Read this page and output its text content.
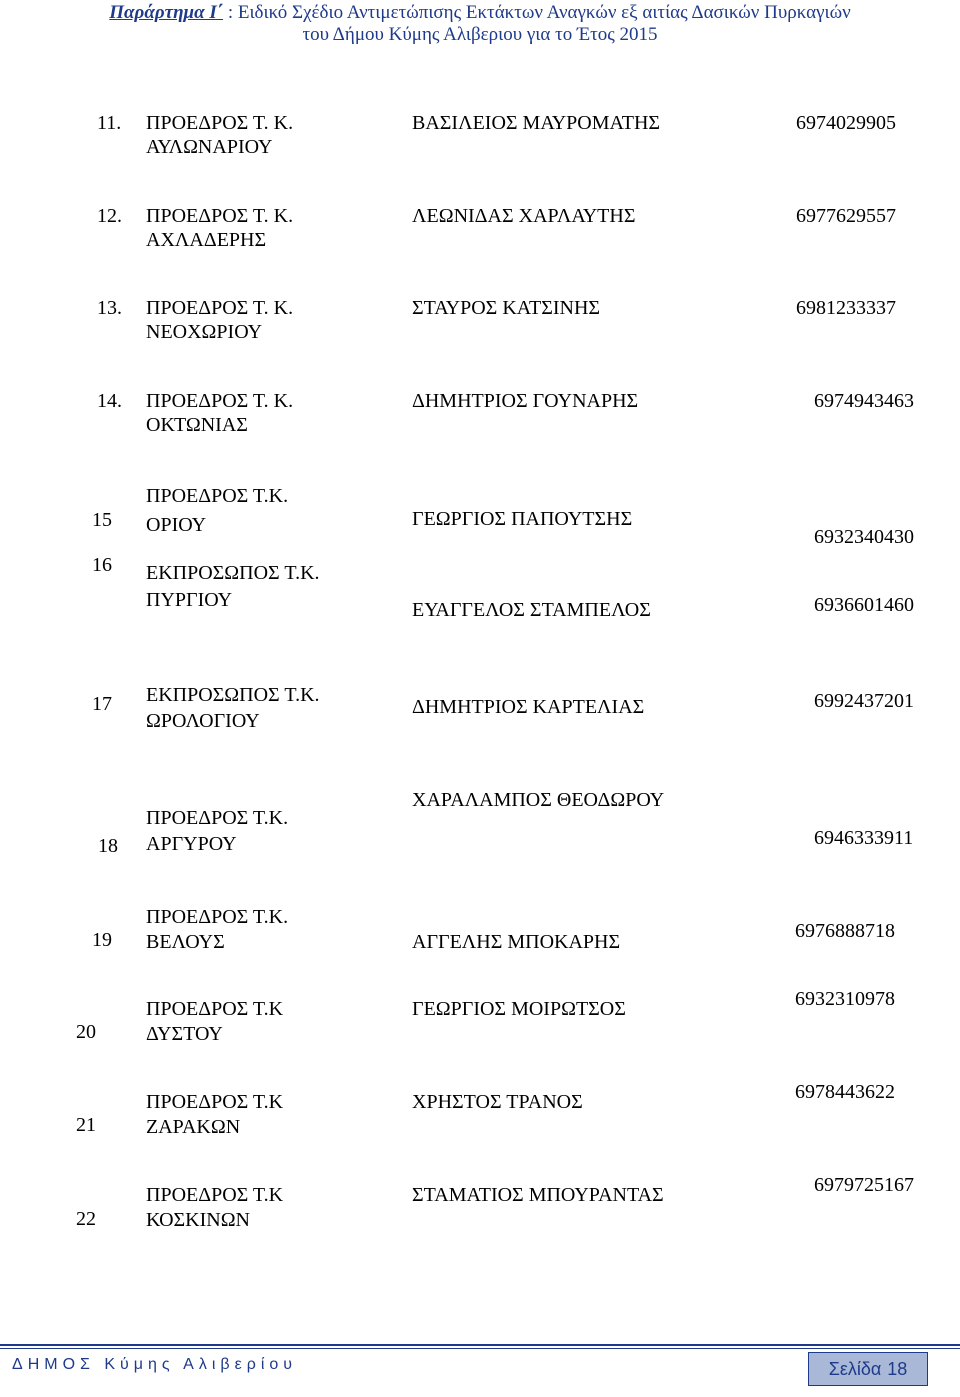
Παράρτημα Ι΄ : Ειδικό Σχέδιο Αντιμετώπισης Εκτάκτων Αναγκών εξ αιτίας Δασικών Πυρκαγιών
του Δήμου Κύμης Αλιβεριου για το Έτος 2015
11. ΠΡΟΕΔΡΟΣ Τ. Κ.
ΑΥΛΩΝΑΡΙΟΥ
ΒΑΣΙΛΕΙΟΣ ΜΑΥΡΟΜΑΤΗΣ	6974029905
12. ΠΡΟΕΔΡΟΣ Τ. Κ.
ΑΧΛΑΔΕΡΗΣ
ΛΕΩΝΙΔΑΣ ΧΑΡΛΑΥΤΗΣ	6977629557
13. ΠΡΟΕΔΡΟΣ Τ. Κ.
ΝΕΟΧΩΡΙΟΥ
ΣΤΑΥΡΟΣ ΚΑΤΣΙΝΗΣ	6981233337
14. ΠΡΟΕΔΡΟΣ Τ. Κ.
ΟΚΤΩΝΙΑΣ
ΔΗΜΗΤΡΙΟΣ ΓΟΥΝΑΡΗΣ	6974943463
15
ΠΡΟΕΔΡΟΣ Τ.Κ.
ΟΡΙΟΥ	ΓΕΩΡΓΙΟΣ ΠΑΠΟΥΤΣΗΣ
6932340430
16 ΕΚΠΡΟΣΩΠΟΣ Τ.Κ.
ΠΥΡΓΙΟΥ	ΕΥΑΓΓΕΛΟΣ ΣΤΑΜΠΕΛΟΣ	6936601460
17 ΕΚΠΡΟΣΩΠΟΣ Τ.Κ.
ΩΡΟΛΟΓΙΟΥ
ΔΗΜΗΤΡΙΟΣ ΚΑΡΤΕΛΙΑΣ	6992437201
18
ΠΡΟΕΔΡΟΣ Τ.Κ.
ΑΡΓΥΡΟΥ
ΧΑΡΑΛΑΜΠΟΣ ΘΕΟΔΩΡΟΥ
6946333911
19
ΠΡΟΕΔΡΟΣ Τ.Κ.
ΒΕΛΟΥΣ	ΑΓΓΕΛΗΣ ΜΠΟΚΑΡΗΣ	6976888718
20
ΠΡΟΕΔΡΟΣ Τ.Κ
ΔΥΣΤΟΥ
ΓΕΩΡΓΙΟΣ ΜΟΙΡΩΤΣΟΣ	6932310978
21
ΠΡΟΕΔΡΟΣ Τ.Κ
ΖΑΡΑΚΩΝ
ΧΡΗΣΤΟΣ ΤΡΑΝΟΣ	6978443622
22
ΠΡΟΕΔΡΟΣ Τ.Κ
ΚΟΣΚΙΝΩΝ
ΣΤΑΜΑΤΙΟΣ ΜΠΟΥΡΑΝΤΑΣ	6979725167
ΔΗΜΟΣ Κύμης Αλιβερίου	Σελίδα 18
